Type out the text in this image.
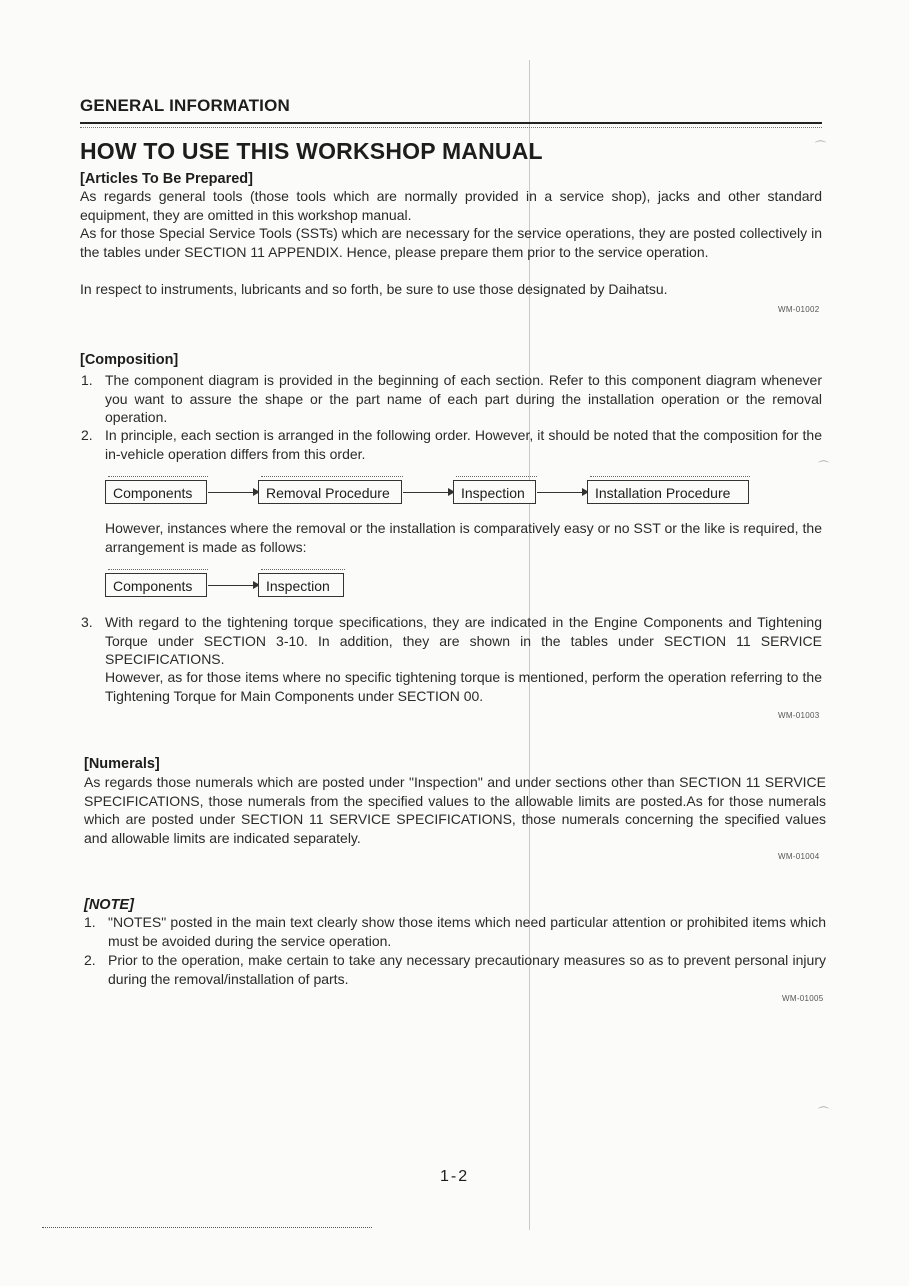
GENERAL INFORMATION
HOW TO USE THIS WORKSHOP MANUAL
[Articles To Be Prepared]
As regards general tools (those tools which are normally provided in a service shop), jacks and other standard equipment, they are omitted in this workshop manual.
As for those Special Service Tools (SSTs) which are necessary for the service operations, they are posted collectively in the tables under SECTION 11 APPENDIX. Hence, please prepare them prior to the service operation.
In respect to instruments, lubricants and so forth, be sure to use those designated by Daihatsu.
WM-01002
[Composition]
1. The component diagram is provided in the beginning of each section. Refer to this component diagram whenever you want to assure the shape or the part name of each part during the installation operation or the removal operation.
2. In principle, each section is arranged in the following order. However, it should be noted that the composition for the in-vehicle operation differs from this order.
Components	Removal Procedure	Inspection	Installation Procedure
However, instances where the removal or the installation is comparatively easy or no SST or the like is required, the arrangement is made as follows:
Components	Inspection
3. With regard to the tightening torque specifications, they are indicated in the Engine Components and Tightening Torque under SECTION 3-10. In addition, they are shown in the tables under SECTION 11 SERVICE SPECIFICATIONS.
However, as for those items where no specific tightening torque is mentioned, perform the operation referring to the Tightening Torque for Main Components under SECTION 00.
WM-01003
[Numerals]
As regards those numerals which are posted under "Inspection" and under sections other than SECTION 11 SERVICE SPECIFICATIONS, those numerals from the specified values to the allowable limits are posted.As for those numerals which are posted under SECTION 11 SERVICE SPECIFICATIONS, those numerals concerning the specified values and allowable limits are indicated separately.
WM-01004
[NOTE]
1. "NOTES" posted in the main text clearly show those items which need particular attention or prohibited items which must be avoided during the service operation.
2. Prior to the operation, make certain to take any necessary precautionary measures so as to prevent personal injury during the removal/installation of parts.
WM-01005
⌒
⌒
⌒
1-2
